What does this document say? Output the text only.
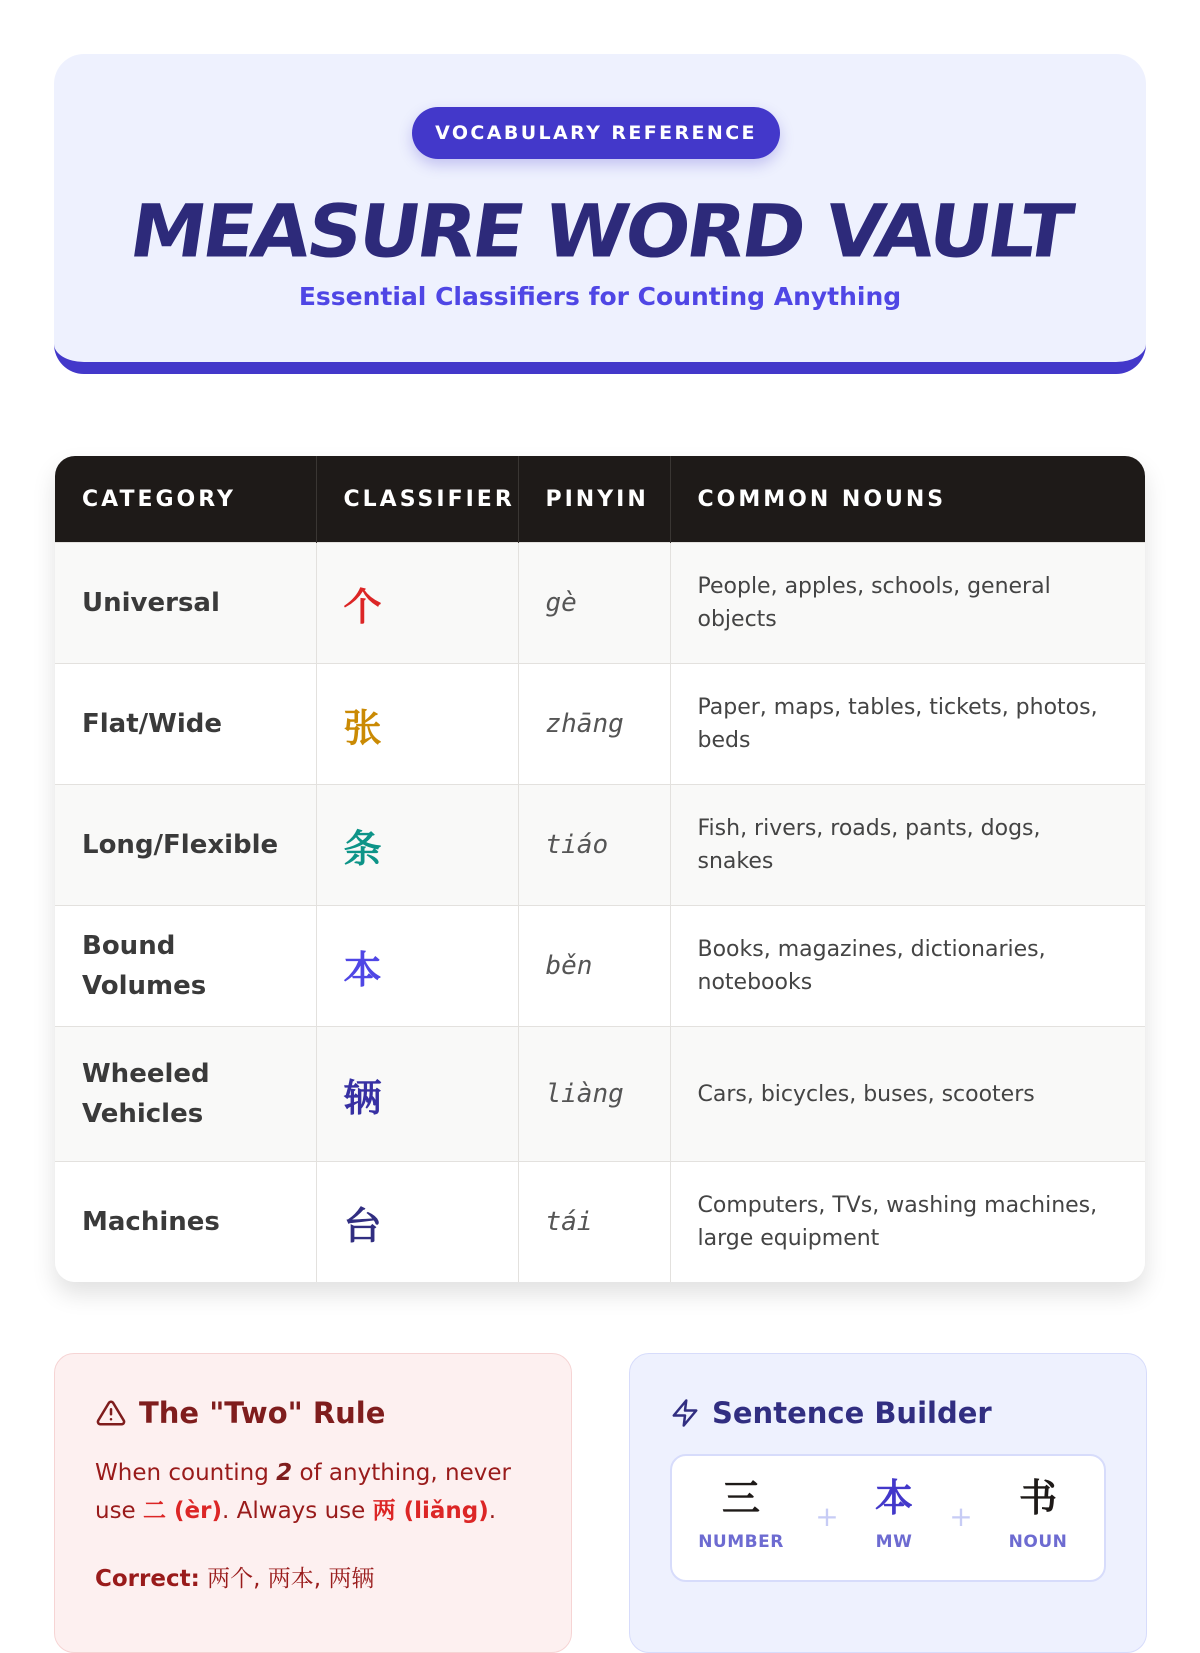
VOCABULARY REFERENCE
MEASURE WORD VAULT
Essential Classifiers for Counting Anything
CATEGORY	CLASSIFIER	PINYIN	COMMON NOUNS
Universal	个	gè	People, apples, schools, general objects

Flat/Wide	张	zhāng	Paper, maps, tables, tickets, photos, beds

Long/Flexible	条	tiáo	Fish, rivers, roads, pants, dogs, snakes

Bound Volumes	本	běn	Books, magazines, dictionaries, notebooks

Wheeled Vehicles	辆	liàng	Cars, bicycles, buses, scooters

Machines	台	tái	Computers, TVs, washing machines, large equipment
The "Two" Rule
When counting 2 of anything, never use 二 (èr). Always use 两 (liǎng).
Correct: 两个, 两本, 两辆
Sentence Builder
三
NUMBER
+ 本
MW
+	书
NOUN
